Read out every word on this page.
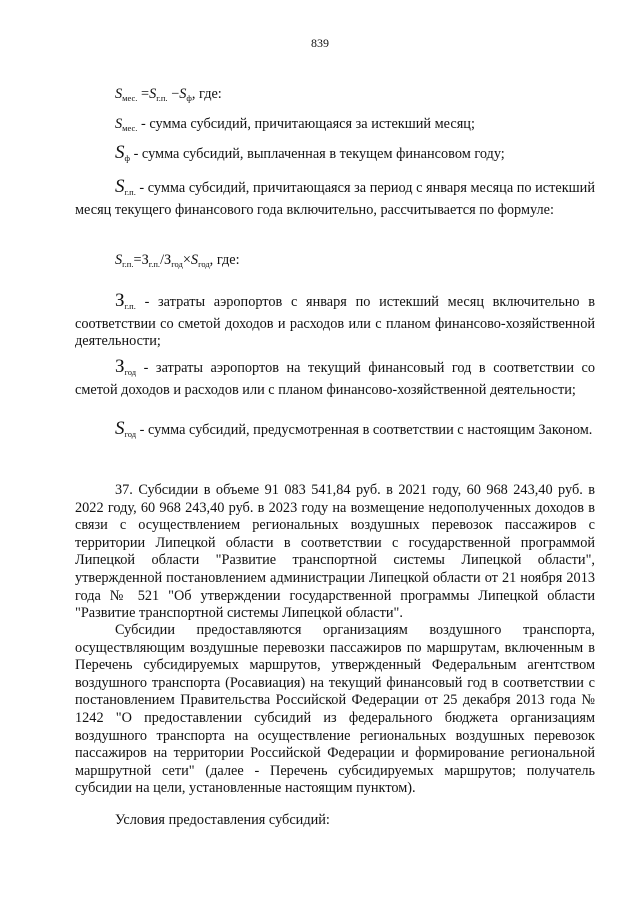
839
$S_{мес.} =S_{г.п.} -S_ф$, где:
$S_{мес.}$ - сумма субсидий, причитающаяся за истекший месяц;
$S_ф$ - сумма субсидий, выплаченная в текущем финансовом году;
$S_{г.п.}$ - сумма субсидий, причитающаяся за период с января месяца по истекший месяц текущего финансового года включительно, рассчитывается по формуле:
$S_{г.п.}=З_{г.п.}/З_{год}\times S_{год}$, где:
$З_{г.п.}$ - затраты аэропортов с января по истекший месяц включительно в соответствии со сметой доходов и расходов или с планом финансово-хозяйственной деятельности;
$З_{год}$ - затраты аэропортов на текущий финансовый год в соответствии со сметой доходов и расходов или с планом финансово-хозяйственной деятельности;
$S_{год}$ - сумма субсидий, предусмотренная в соответствии с настоящим Законом.
37. Субсидии в объеме 91 083 541,84 руб. в 2021 году, 60 968 243,40 руб. в 2022 году, 60 968 243,40 руб. в 2023 году на возмещение недополученных доходов в связи с осуществлением региональных воздушных перевозок пассажиров с территории Липецкой области в соответствии с государственной программой Липецкой области "Развитие транспортной системы Липецкой области", утвержденной постановлением администрации Липецкой области от 21 ноября 2013 года № 521 "Об утверждении государственной программы Липецкой области "Развитие транспортной системы Липецкой области".
Субсидии предоставляются организациям воздушного транспорта, осуществляющим воздушные перевозки пассажиров по маршрутам, включенным в Перечень субсидируемых маршрутов, утвержденный Федеральным агентством воздушного транспорта (Росавиация) на текущий финансовый год в соответствии с постановлением Правительства Российской Федерации от 25 декабря 2013 года № 1242 "О предоставлении субсидий из федерального бюджета организациям воздушного транспорта на осуществление региональных воздушных перевозок пассажиров на территории Российской Федерации и формирование региональной маршрутной сети" (далее - Перечень субсидируемых маршрутов; получатель субсидии на цели, установленные настоящим пунктом).
Условия предоставления субсидий:
